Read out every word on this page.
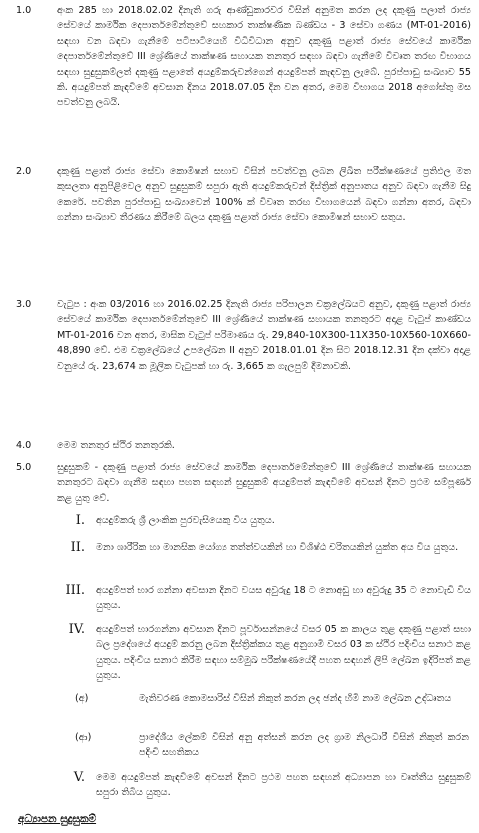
1.0	අංක 285 හා 2018.02.02 දිනැති ගරු ආණ්ඩුකාරවර විසින් අනුමත කරන ලද දකුණු පලාත් රාජ්‍ය සේවයේ කාර්මික දෙපාර්තමේන්තුවේ සහකාර තාක්ෂණික බණ්ඩය - 3 සේවා ගණය (MT-01-2016) සඳහා වන බඳවා ගැනීමේ පටිපාටියෙහි විධිවිධාන අනුව දකුණු පළාත් රාජ්‍ය සේවයේ කාර්මික දෙපාර්තමේන්තුවේ III ශ්‍රේණියේ තාක්ෂණ සහායක තනතුර සඳහා බඳවා ගැනීමේ විවෘත තරඟ විභාගය සඳහා සුදුසුකම්ලත් දකුණු පළාතේ අයදුම්කරුවන්ගෙන් අයදුම්පත් කැඳවනු ලැබේ. පුරප්පාඩු සංඛ්‍යාව 55 කි. අයදුම්පත් කැඳවීමේ අවසාන දිනය 2018.07.05 දින වන අතර, මෙම විභාගය 2018 අගෝස්තු මස පවත්වනු ලබයි.
2.0	දකුණු පළාත් රාජ්‍ය සේවා කොමිෂන් සභාව විසින් පවත්වනු ලබන ලිඛිත පරීක්ෂණයේ ප්‍රතිඵල මත කුසලතා අනුපිළිවෙල අනුව සුදුසුකම් සපුරා ඇති අයදුම්කරුවන් දිස්ත්‍රික් අනුපාතය අනුව බඳවා ගැනීම සිදු කෙරේ. පවතින පුරප්පාඩු සංඛ්‍යාවෙන් 100% ක් විවෘත තරඟ විභාගයෙන් බඳවා ගන්නා අතර, බඳවා ගන්නා සංඛ්‍යාව තීරණය කිරීමේ බලය දකුණු පළාත් රාජ්‍ය සේවා කොමිෂන් සභාව සතුය.
3.0	වැටුප : අංක 03/2016 හා 2016.02.25 දිනැති රාජ්‍ය පරිපාලන චක්‍රලේඛයට අනුව, දකුණු පළාත් රාජ්‍ය සේවයේ කාර්මික දෙපාර්තමේන්තුවේ III ශ්‍රේණියේ තාක්ෂණ සහායක තනතුරට අදාළ වැටුප් කාණ්ඩය MT-01-2016 වන අතර, මාසික වැටුප් පරිමාණය රු. 29,840-10X300-11X350-10X560-10X660-48,890 වේ. එම චක්‍රලේඛයේ උපලේඛන II අනුව 2018.01.01 දින සිට 2018.12.31 දින දක්වා අදාළ වනුයේ රු. 23,674 ක මූලික වැටුපක් හා රු. 3,665 ක ගැලපුම් දීමනාවකි.
4.0	මෙම තනතුර ස්ථිර තනතුරකි.
5.0	සුදුසුකම් - දකුණු පළාත් රාජ්‍ය සේවයේ කාර්මික දෙපාර්තමේන්තුවේ III ශ්‍රේණියේ තාක්ෂණ සහායක තනතුරට බඳවා ගැනීම සඳහා පහත සඳහන් සුදුසුකම් අයදුම්පත් කැඳවීමේ අවසන් දිනට ප්‍රථම සම්පූර්ණ කළ යුතු වේ.
I. අයදුම්කරු ශ්‍රී ලාංකික පුරවැසියෙකු විය යුතුය.
II. මනා ශාරීරික හා මානසික යෝග්‍ය තත්ත්වයකින් හා විශිෂ්ඨ චරිතයකින් යුක්ත අය විය යුතුය.
III. අයදුම්පත් භාර ගන්නා අවසාන දිනට වයස අවුරුදු 18 ට නොඅඩු හා අවුරුදු 35 ට නොවැඩි විය යුතුය.
IV. අයදුම්පත් භාරගන්නා අවසාන දිනට පූර්වාසන්නයේ වසර 05 ක කාලය තුළ දකුණු පළාත් සභා බල ප්‍රදේශයේ අයදුම් කරනු ලබන දිස්ත්‍රික්කය තුළ අනුගාමී වසර 03 ක ස්ථිර පදිංචිය සනාථ කළ යුතුය. පදිංචිය සනාථ කිරීම සඳහා සම්මුඛ පරීක්ෂණයේදී පහත සඳහන් ලිපි ලේඛන ඉදිරිපත් කළ යුතුය.
(අ)	මැතිවරණ කොමසාරිස් විසින් නිකුත් කරන ලද ඡන්ද හිමි නාම ලේඛන උද්ධෘතය
(ආ)	ප්‍රාදේශීය ලේකම් විසින් අනු අත්සන් කරන ලද ග්‍රාම නිලධාරී විසින් නිකුත් කරන පදිංචි සහතිකය
V. මෙම අයදුම්පත් කැඳවීමේ අවසන් දිනට ප්‍රථම පහත සඳහන් අධ්‍යාපන හා වෘත්තීය සුදුසුකම් සපුරා තිබිය යුතුය.
අධ්‍යාපන සුදුසුකම්
